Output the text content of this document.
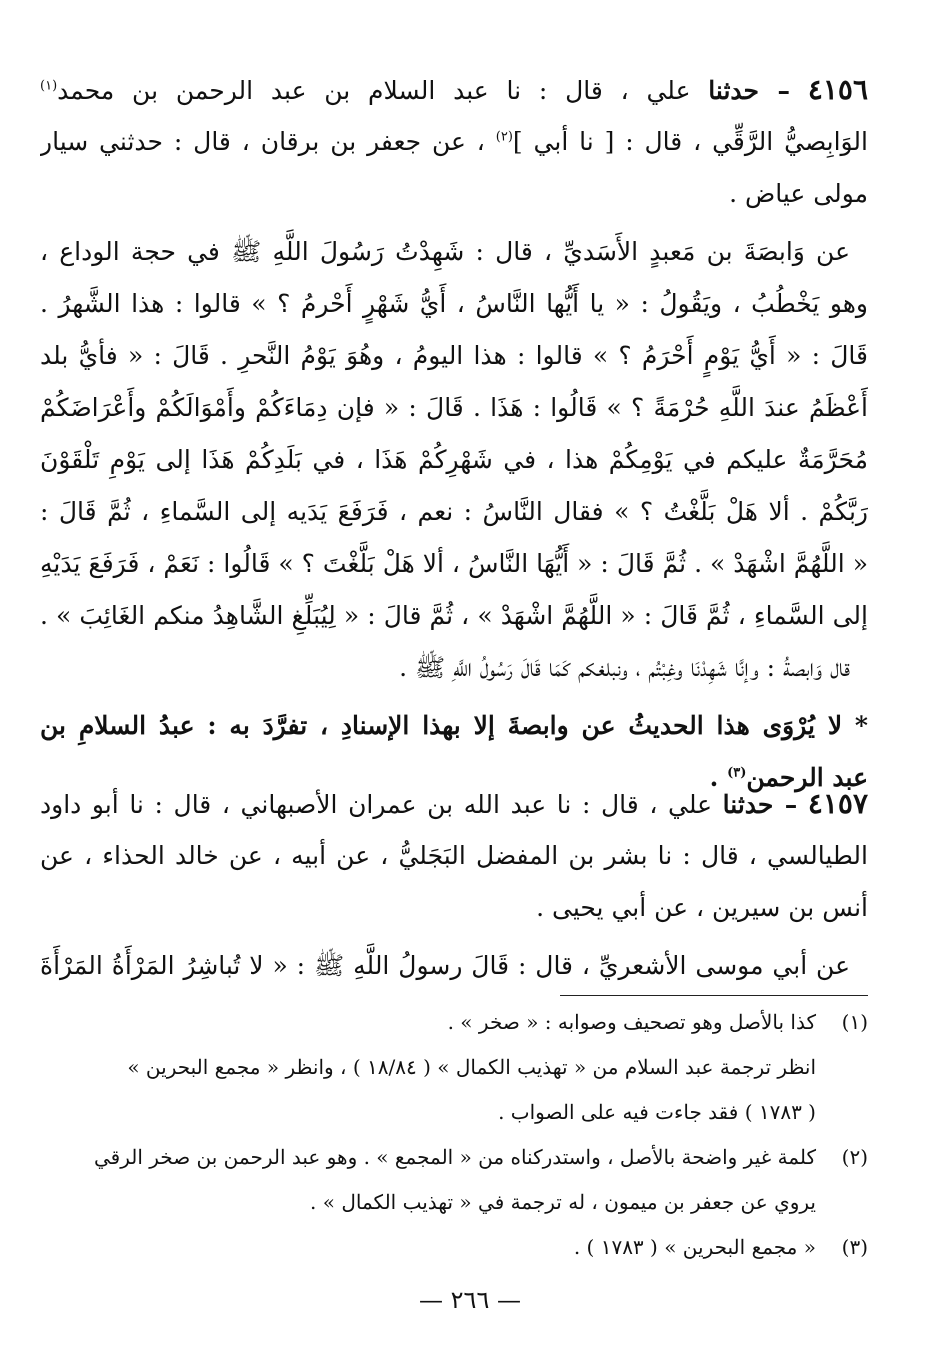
٤١٥٦ – حدثنا علي ، قال : نا عبد السلام بن عبد الرحمن بن محمد$^{(١)}$
الوَابِصيُّ الرَّقِّي ، قال : [ نا أبي ]$^{(٢)}$ ، عن جعفر بن برقان ، قال : حدثني سيار
مولى عياض .
عن وَابصَةَ بن مَعبدٍ الأَسَديِّ ، قال : شَهِدْتُ رَسُولَ اللَّهِ ﷺ في حجة الوداع ،
وهو يَخْطُبُ ، ويَقُولُ : « يا أَيُّها النَّاسُ ، أَيُّ شَهْرٍ أَحْرمُ ؟ » قالوا : هذا الشَّهرُ .
قَالَ : « أَيُّ يَوْمٍ أَحْرَمُ ؟ » قالوا : هذا اليومُ ، وهُوَ يَوْمُ النَّحرِ . قَالَ : « فأيُّ بلد
أَعْظَمُ عندَ اللَّهِ حُرْمَةً ؟ » قَالُوا : هَذَا . قَالَ : « فإن دِمَاءَكُمْ وأَمْوَالَكُمْ وأَعْرَاضَكُمْ
مُحَرَّمَةٌ عليكم في يَوْمِكُمْ هذا ، في شَهْرِكُمْ هَذَا ، في بَلَدِكُمْ هَذَا إلى يَوْمِ تَلْقَوْنَ
رَبَّكُمْ . ألا هَلْ بَلَّغْتُ ؟ » فقال النَّاسُ : نعم ، فَرَفَعَ يَدَيه إلى السَّماءِ ، ثُمَّ قَالَ :
« اللَّهُمَّ اشْهَدْ » . ثُمَّ قَالَ : « أَيُّهَا النَّاسُ ، ألا هَلْ بَلَّغْتَ ؟ » قَالُوا : نَعَمْ ، فَرَفَعَ يَدَيْهِ
إلى السَّماءِ ، ثُمَّ قَالَ : « اللَّهُمَّ اشْهَدْ » ، ثُمَّ قالَ : « لِيُبَلِّغِ الشَّاهِدُ منكم الغَائِبَ » .
قال وَابصةُ : وإنَّا شَهِدْنَا وغِبْتُم ، ونبلغكم كَمَا قَالَ رَسُولُ اللَّهِ ﷺ .
* لا يُرْوَى هذا الحديثُ عن وابصةَ إلا بهذا الإسنادِ ، تفرَّدَ به : عبدُ السلامِ بن
عبد الرحمن$^{(٣)}$ .
٤١٥٧ – حدثنا علي ، قال : نا عبد الله بن عمران الأصبهاني ، قال : نا أبو داود
الطيالسي ، قال : نا بشر بن المفضل البَجَليُّ ، عن أبيه ، عن خالد الحذاء ، عن
أنس بن سيرين ، عن أبي يحيى .
عن أبي موسى الأشعريِّ ، قال : قَالَ رسولُ اللَّهِ ﷺ : « لا تُباشِرُ المَرْأَةُ المَرْأَةَ
(١)كذا بالأصل وهو تصحيف وصوابه : « صخر » .
انظر ترجمة عبد السلام من « تهذيب الكمال » ( ١٨/٨٤ ) ، وانظر « مجمع البحرين »
( ١٧٨٣ ) فقد جاءت فيه على الصواب .
(٢)كلمة غير واضحة بالأصل ، واستدركناه من « المجمع » . وهو عبد الرحمن بن صخر الرقي
يروي عن جعفر بن ميمون ، له ترجمة في « تهذيب الكمال » .
(٣)« مجمع البحرين » ( ١٧٨٣ ) .
— ٢٦٦ —
